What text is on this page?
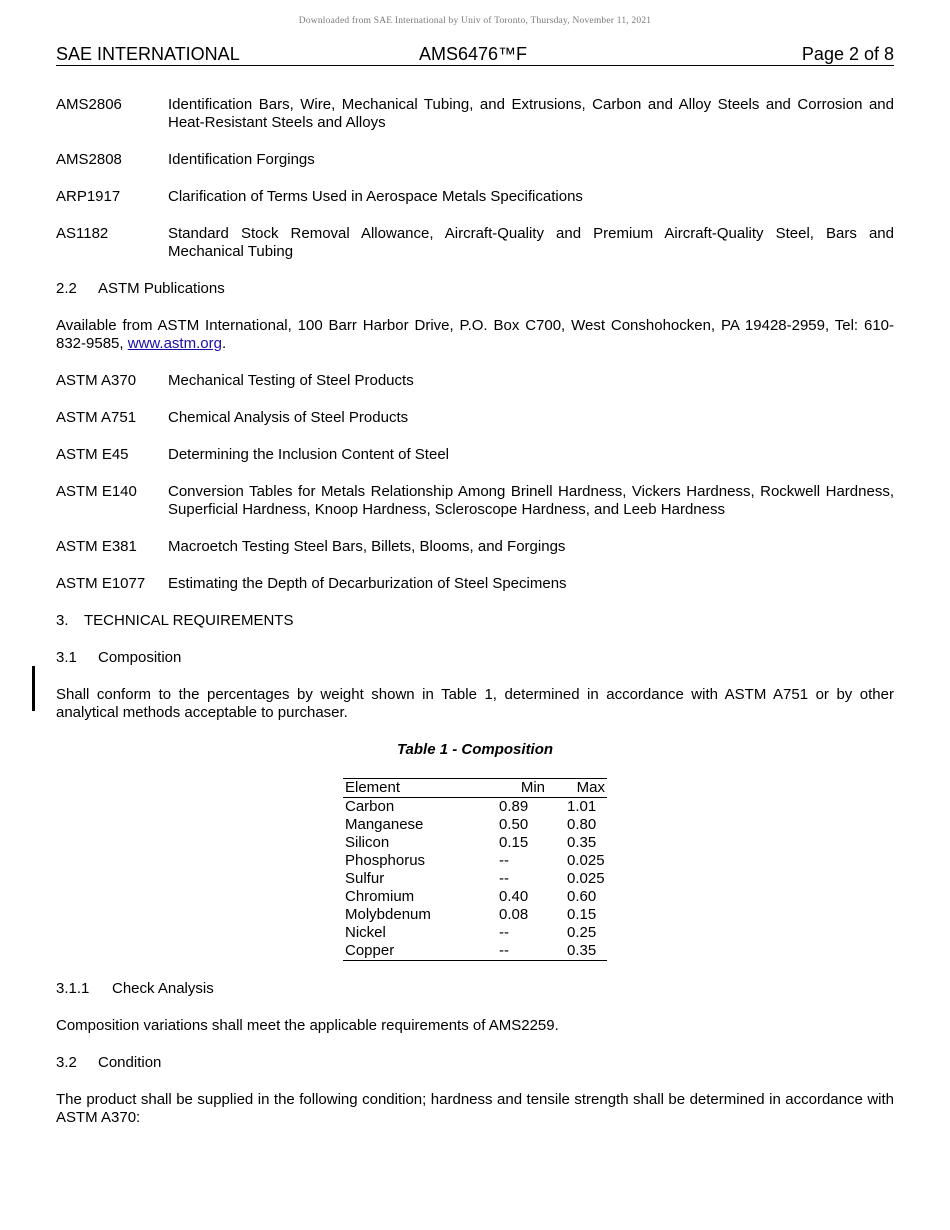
Downloaded from SAE International by Univ of Toronto, Thursday, November 11, 2021
SAE INTERNATIONAL	AMS6476™F	Page 2 of 8
AMS2806	Identification Bars, Wire, Mechanical Tubing, and Extrusions, Carbon and Alloy Steels and Corrosion and Heat-Resistant Steels and Alloys
AMS2808	Identification Forgings
ARP1917	Clarification of Terms Used in Aerospace Metals Specifications
AS1182	Standard Stock Removal Allowance, Aircraft-Quality and Premium Aircraft-Quality Steel, Bars and Mechanical Tubing
2.2 ASTM Publications
Available from ASTM International, 100 Barr Harbor Drive, P.O. Box C700, West Conshohocken, PA 19428-2959, Tel: 610-832-9585, www.astm.org.
ASTM A370	Mechanical Testing of Steel Products
ASTM A751	Chemical Analysis of Steel Products
ASTM E45	Determining the Inclusion Content of Steel
ASTM E140	Conversion Tables for Metals Relationship Among Brinell Hardness, Vickers Hardness, Rockwell Hardness, Superficial Hardness, Knoop Hardness, Scleroscope Hardness, and Leeb Hardness
ASTM E381	Macroetch Testing Steel Bars, Billets, Blooms, and Forgings
ASTM E1077	Estimating the Depth of Decarburization of Steel Specimens
3. TECHNICAL REQUIREMENTS
3.1 Composition
Shall conform to the percentages by weight shown in Table 1, determined in accordance with ASTM A751 or by other analytical methods acceptable to purchaser.
Table 1 - Composition
Element	Min	Max
Carbon	0.89	1.01
Manganese	0.50	0.80
Silicon	0.15	0.35
Phosphorus	--	0.025
Sulfur	--	0.025
Chromium	0.40	0.60
Molybdenum	0.08	0.15
Nickel	--	0.25
Copper	--	0.35
3.1.1 Check Analysis
Composition variations shall meet the applicable requirements of AMS2259.
3.2 Condition
The product shall be supplied in the following condition; hardness and tensile strength shall be determined in accordance with ASTM A370:
